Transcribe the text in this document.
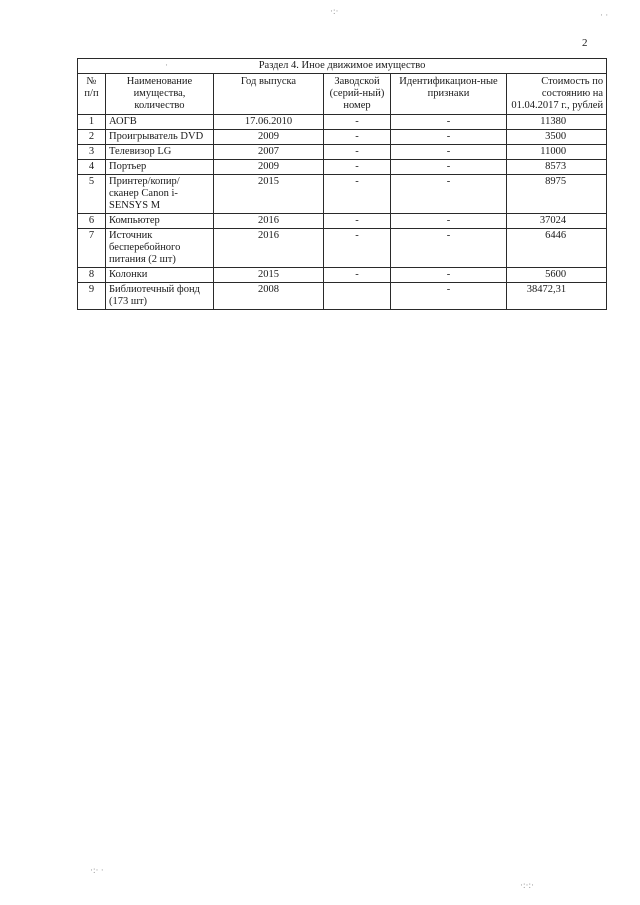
2
Раздел 4. Иное движимое имущество					
№ п/п	Наименование имущества, количество	Год выпуска	Заводской (серий-ный) номер	Идентификацион-ные признаки	Стоимость по состоянию на 01.04.2017 г., рублей
1	АОГВ	17.06.2010	-	-	11380
2	Проигрыватель DVD	2009	-	-	3500
3	Телевизор LG	2007	-	-	11000
4	Портьер	2009	-	-	8573
5	Принтер/копир/ сканер Canon i-SENSYS M	2015	-	-	8975
6	Компьютер	2016	-	-	37024
7	Источник бесперебойного питания (2 шт)	2016	-	-	6446
8	Колонки	2015	-	-	5600
9	Библиотечный фонд (173 шт)	2008		-	38472,31
·:·	· ·
·
·:· ·
·:·:·
